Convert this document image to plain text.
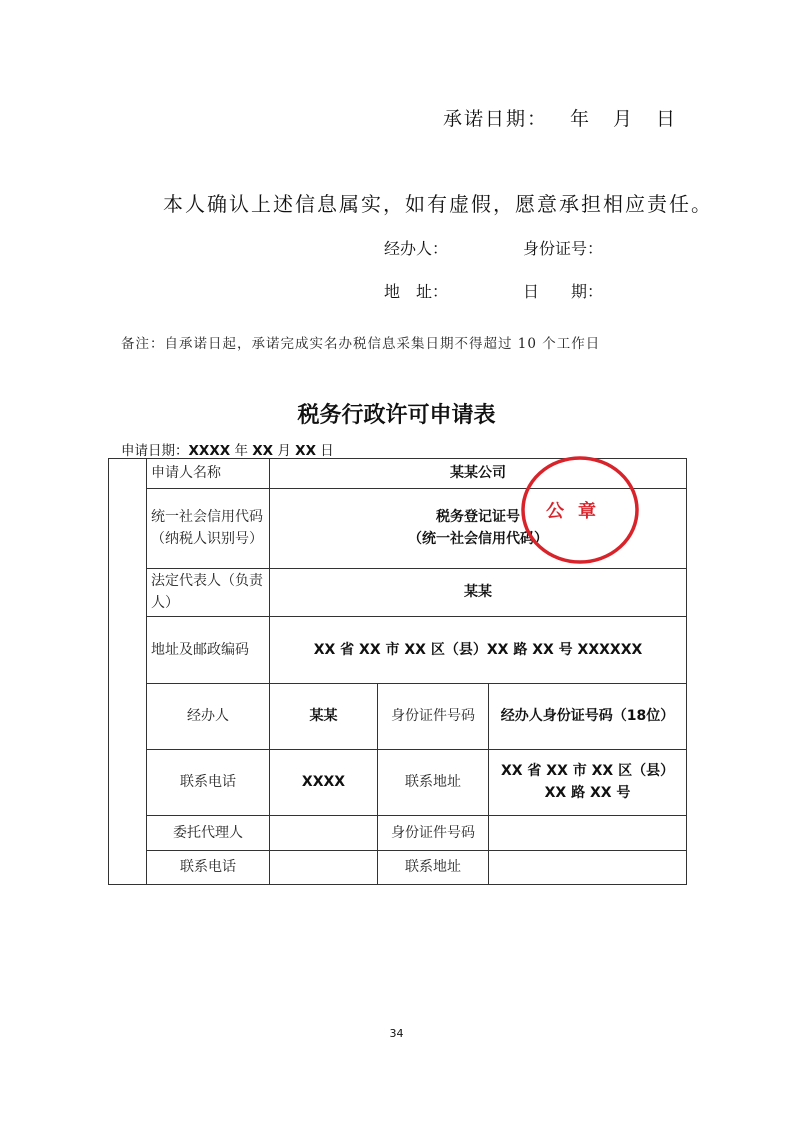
承诺日期： 年 月 日
本人确认上述信息属实，如有虚假，愿意承担相应责任。
经办人：	身份证号：
地　址：	日　　期：
备注：自承诺日起，承诺完成实名办税信息采集日期不得超过 10 个工作日
税务行政许可申请表
申请日期：XXXX 年 XX 月 XX 日
	申请人名称	某某公司		
	统一社会信用代码（纳税人识别号）	税务登记证号
（统一社会信用代码）		

	法定代表人（负责人）	某某		
	地址及邮政编码	XX 省 XX 市 XX 区（县）XX 路 XX 号 XXXXXX		
	经办人	某某	身份证件号码	经办人身份证号码（18位）
	联系电话	XXXX	联系地址	XX 省 XX 市 XX 区（县）XX 路 XX 号
	委托代理人		身份证件号码	
	联系电话		联系地址	
公章
34
